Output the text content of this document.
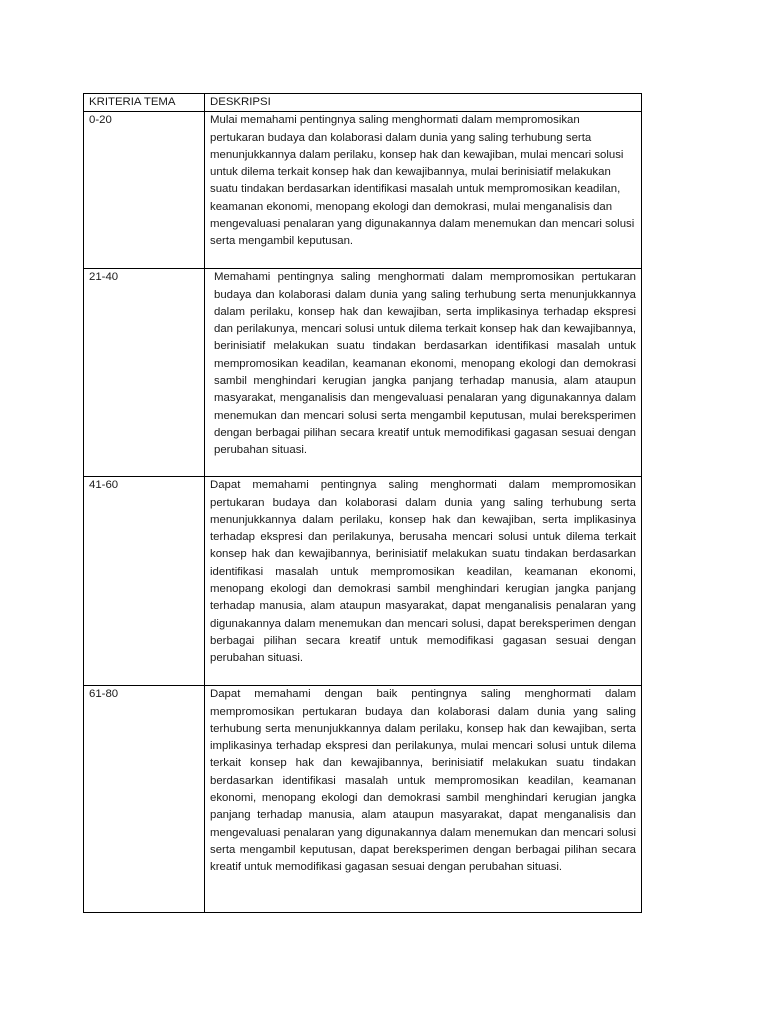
KRITERIA TEMA	DESKRIPSI
0-20	Mulai memahami pentingnya saling menghormati dalam mempromosikan pertukaran budaya dan kolaborasi dalam dunia yang saling terhubung serta menunjukkannya dalam perilaku, konsep hak dan kewajiban, mulai mencari solusi untuk dilema terkait konsep hak dan kewajibannya, mulai berinisiatif melakukan suatu tindakan berdasarkan identifikasi masalah untuk mempromosikan keadilan, keamanan ekonomi, menopang ekologi dan demokrasi, mulai menganalisis dan mengevaluasi penalaran yang digunakannya dalam menemukan dan mencari solusi serta mengambil keputusan.
21-40	Memahami pentingnya saling menghormati dalam mempromosikan pertukaran budaya dan kolaborasi dalam dunia yang saling terhubung serta menunjukkannya dalam perilaku, konsep hak dan kewajiban, serta implikasinya terhadap ekspresi dan perilakunya, mencari solusi untuk dilema terkait konsep hak dan kewajibannya, berinisiatif melakukan suatu tindakan berdasarkan identifikasi masalah untuk mempromosikan keadilan, keamanan ekonomi, menopang ekologi dan demokrasi sambil menghindari kerugian jangka panjang terhadap manusia, alam ataupun masyarakat, menganalisis dan mengevaluasi penalaran yang digunakannya dalam menemukan dan mencari solusi serta mengambil keputusan, mulai bereksperimen dengan berbagai pilihan secara kreatif untuk memodifikasi gagasan sesuai dengan perubahan situasi.
41-60	Dapat memahami pentingnya saling menghormati dalam mempromosikan pertukaran budaya dan kolaborasi dalam dunia yang saling terhubung serta menunjukkannya dalam perilaku, konsep hak dan kewajiban, serta implikasinya terhadap ekspresi dan perilakunya, berusaha mencari solusi untuk dilema terkait konsep hak dan kewajibannya, berinisiatif melakukan suatu tindakan berdasarkan identifikasi masalah untuk mempromosikan keadilan, keamanan ekonomi, menopang ekologi dan demokrasi sambil menghindari kerugian jangka panjang terhadap manusia, alam ataupun masyarakat, dapat menganalisis penalaran yang digunakannya dalam menemukan dan mencari solusi, dapat bereksperimen dengan berbagai pilihan secara kreatif untuk memodifikasi gagasan sesuai dengan perubahan situasi.
61-80	Dapat memahami dengan baik pentingnya saling menghormati dalam mempromosikan pertukaran budaya dan kolaborasi dalam dunia yang saling terhubung serta menunjukkannya dalam perilaku, konsep hak dan kewajiban, serta implikasinya terhadap ekspresi dan perilakunya, mulai mencari solusi untuk dilema terkait konsep hak dan kewajibannya, berinisiatif melakukan suatu tindakan berdasarkan identifikasi masalah untuk mempromosikan keadilan, keamanan ekonomi, menopang ekologi dan demokrasi sambil menghindari kerugian jangka panjang terhadap manusia, alam ataupun masyarakat, dapat menganalisis dan mengevaluasi penalaran yang digunakannya dalam menemukan dan mencari solusi serta mengambil keputusan, dapat bereksperimen dengan berbagai pilihan secara kreatif untuk memodifikasi gagasan sesuai dengan perubahan situasi.
